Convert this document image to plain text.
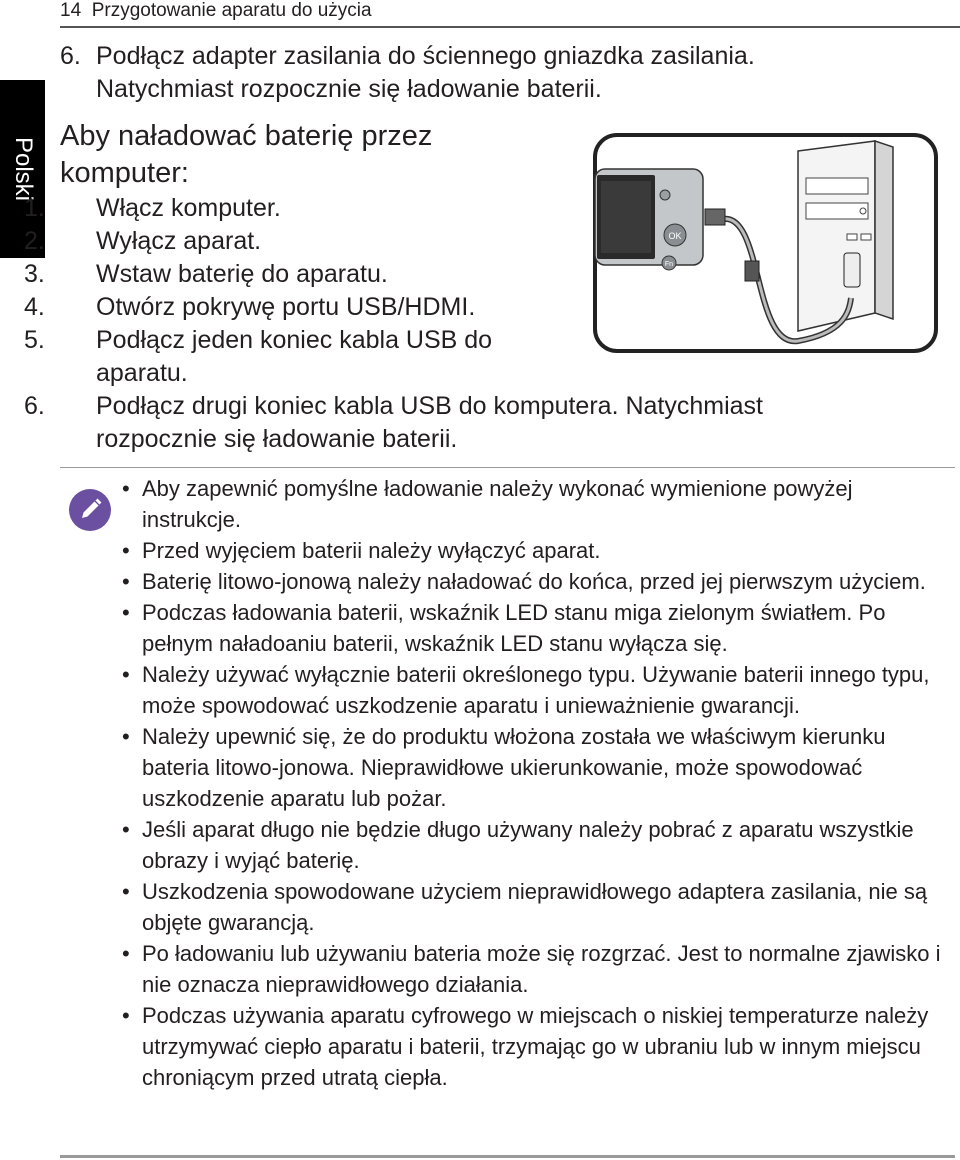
14 Przygotowanie aparatu do użycia
Polski
6. Podłącz adapter zasilania do ściennego gniazdka zasilania.
Natychmiast rozpocznie się ładowanie baterii.
Aby naładować baterię przez komputer:
1. Włącz komputer.
2. Wyłącz aparat.
3. Wstaw baterię do aparatu.
4. Otwórz pokrywę portu USB/HDMI.
5. Podłącz jeden koniec kabla USB do aparatu.
6. Podłącz drugi koniec kabla USB do komputera. Natychmiast rozpocznie się ładowanie baterii.
OK
Fn
• Aby zapewnić pomyślne ładowanie należy wykonać wymienione powyżej instrukcje.
• Przed wyjęciem baterii należy wyłączyć aparat.
• Baterię litowo-jonową należy naładować do końca, przed jej pierwszym użyciem.
• Podczas ładowania baterii, wskaźnik LED stanu miga zielonym światłem. Po pełnym naładoaniu baterii, wskaźnik LED stanu wyłącza się.
• Należy używać wyłącznie baterii określonego typu. Używanie baterii innego typu, może spowodować uszkodzenie aparatu i unieważnienie gwarancji.
• Należy upewnić się, że do produktu włożona została we właściwym kierunku bateria litowo-jonowa. Nieprawidłowe ukierunkowanie, może spowodować uszkodzenie aparatu lub pożar.
• Jeśli aparat długo nie będzie długo używany należy pobrać z aparatu wszystkie obrazy i wyjąć baterię.
• Uszkodzenia spowodowane użyciem nieprawidłowego adaptera zasilania, nie są objęte gwarancją.
• Po ładowaniu lub używaniu bateria może się rozgrzać. Jest to normalne zjawisko i nie oznacza nieprawidłowego działania.
• Podczas używania aparatu cyfrowego w miejscach o niskiej temperaturze należy utrzymywać ciepło aparatu i baterii, trzymając go w ubraniu lub w innym miejscu chroniącym przed utratą ciepła.
